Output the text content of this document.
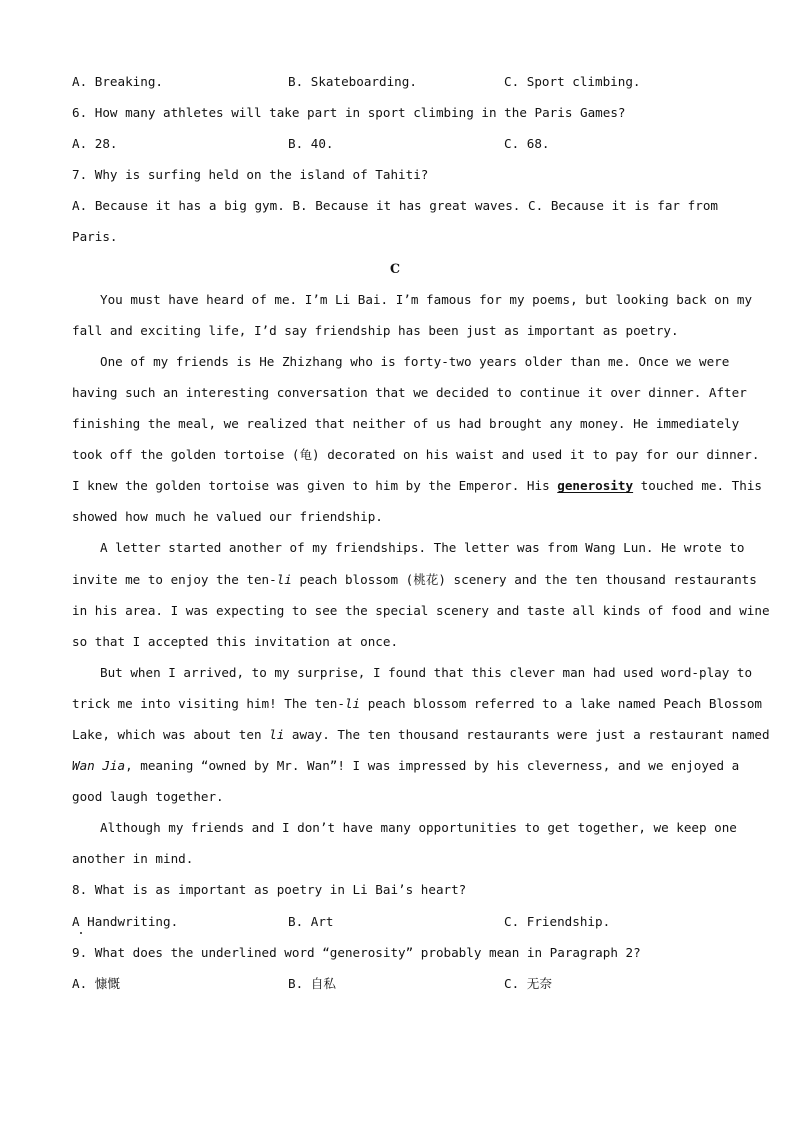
A. Breaking.	B. Skateboarding.	C. Sport climbing.
6. How many athletes will take part in sport climbing in the Paris Games?
A. 28.	B. 40.	C. 68.
7. Why is surfing held on the island of Tahiti?
A. Because it has a big gym. B. Because it has great waves. C. Because it is far from
Paris.
C
You must have heard of me. I’m Li Bai. I’m famous for my poems, but looking back on my
fall and exciting life, I’d say friendship has been just as important as poetry.
One of my friends is He Zhizhang who is forty-two years older than me. Once we were
having such an interesting conversation that we decided to continue it over dinner. After
finishing the meal, we realized that neither of us had brought any money. He immediately
took off the golden tortoise (龟) decorated on his waist and used it to pay for our dinner.
I knew the golden tortoise was given to him by the Emperor. His generosity touched me. This
showed how much he valued our friendship.
A letter started another of my friendships. The letter was from Wang Lun. He wrote to
invite me to enjoy the ten-li peach blossom (桃花) scenery and the ten thousand restaurants
in his area. I was expecting to see the special scenery and taste all kinds of food and wine
so that I accepted this invitation at once.
But when I arrived, to my surprise, I found that this clever man had used word-play to
trick me into visiting him! The ten-li peach blossom referred to a lake named Peach Blossom
Lake, which was about ten li away. The ten thousand restaurants were just a restaurant named
Wan Jia, meaning “owned by Mr. Wan”! I was impressed by his cleverness, and we enjoyed a
good laugh together.
Although my friends and I don’t have many opportunities to get together, we keep one
another in mind.
8. What is as important as poetry in Li Bai’s heart?
A Handwriting.	B. Art	C. Friendship.
9. What does the underlined word “generosity” probably mean in Paragraph 2?
A. 慷慨	B. 自私	C. 无奈
